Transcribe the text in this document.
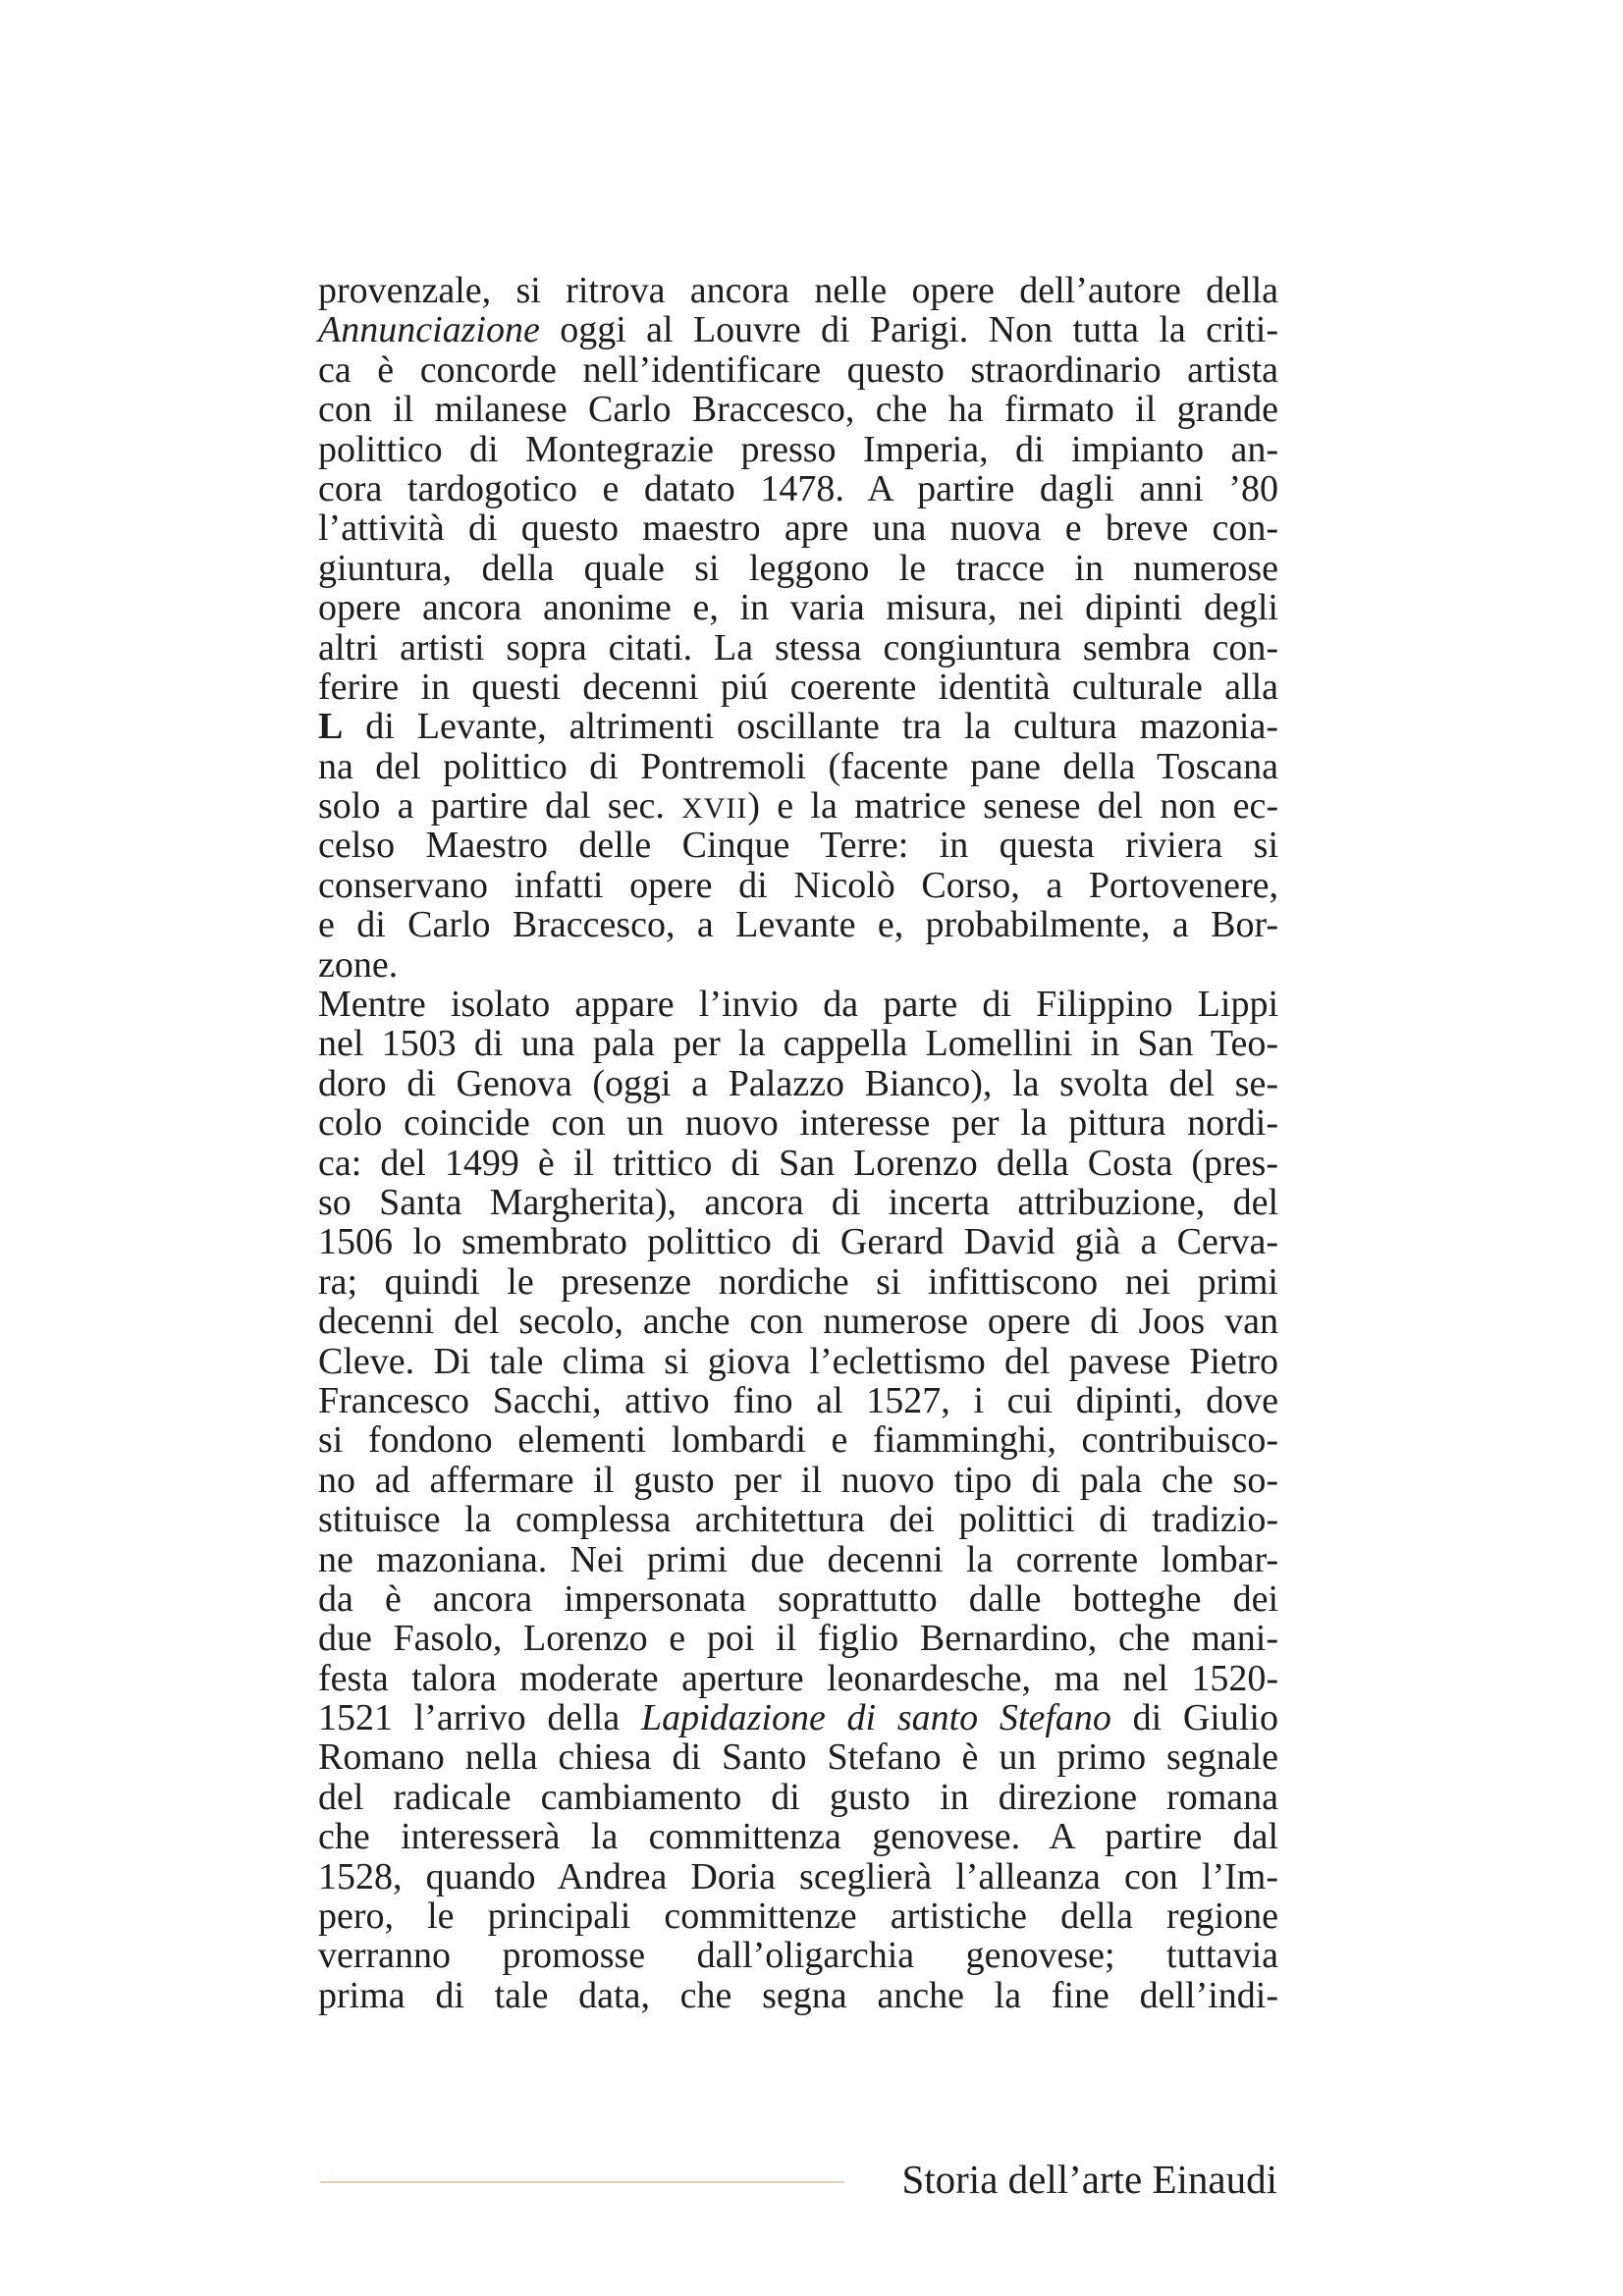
provenzale, si ritrova ancora nelle opere dell’autore della
Annunciazione oggi al Louvre di Parigi. Non tutta la criti-
ca è concorde nell’identificare questo straordinario artista
con il milanese Carlo Braccesco, che ha firmato il grande
polittico di Montegrazie presso Imperia, di impianto an-
cora tardogotico e datato 1478. A partire dagli anni ’80
l’attività di questo maestro apre una nuova e breve con-
giuntura, della quale si leggono le tracce in numerose
opere ancora anonime e, in varia misura, nei dipinti degli
altri artisti sopra citati. La stessa congiuntura sembra con-
ferire in questi decenni piú coerente identità culturale alla
L di Levante, altrimenti oscillante tra la cultura mazonia-
na del polittico di Pontremoli (facente pane della Toscana
solo a partire dal sec. XVII) e la matrice senese del non ec-
celso Maestro delle Cinque Terre: in questa riviera si
conservano infatti opere di Nicolò Corso, a Portovenere,
e di Carlo Braccesco, a Levante e, probabilmente, a Bor-
zone.
Mentre isolato appare l’invio da parte di Filippino Lippi
nel 1503 di una pala per la cappella Lomellini in San Teo-
doro di Genova (oggi a Palazzo Bianco), la svolta del se-
colo coincide con un nuovo interesse per la pittura nordi-
ca: del 1499 è il trittico di San Lorenzo della Costa (pres-
so Santa Margherita), ancora di incerta attribuzione, del
1506 lo smembrato polittico di Gerard David già a Cerva-
ra; quindi le presenze nordiche si infittiscono nei primi
decenni del secolo, anche con numerose opere di Joos van
Cleve. Di tale clima si giova l’eclettismo del pavese Pietro
Francesco Sacchi, attivo fino al 1527, i cui dipinti, dove
si fondono elementi lombardi e fiamminghi, contribuisco-
no ad affermare il gusto per il nuovo tipo di pala che so-
stituisce la complessa architettura dei polittici di tradizio-
ne mazoniana. Nei primi due decenni la corrente lombar-
da è ancora impersonata soprattutto dalle botteghe dei
due Fasolo, Lorenzo e poi il figlio Bernardino, che mani-
festa talora moderate aperture leonardesche, ma nel 1520-
1521 l’arrivo della Lapidazione di santo Stefano di Giulio
Romano nella chiesa di Santo Stefano è un primo segnale
del radicale cambiamento di gusto in direzione romana
che interesserà la committenza genovese. A partire dal
1528, quando Andrea Doria sceglierà l’alleanza con l’Im-
pero, le principali committenze artistiche della regione
verranno promosse dall’oligarchia genovese; tuttavia
prima di tale data, che segna anche la fine dell’indi-
Storia dell’arte Einaudi
